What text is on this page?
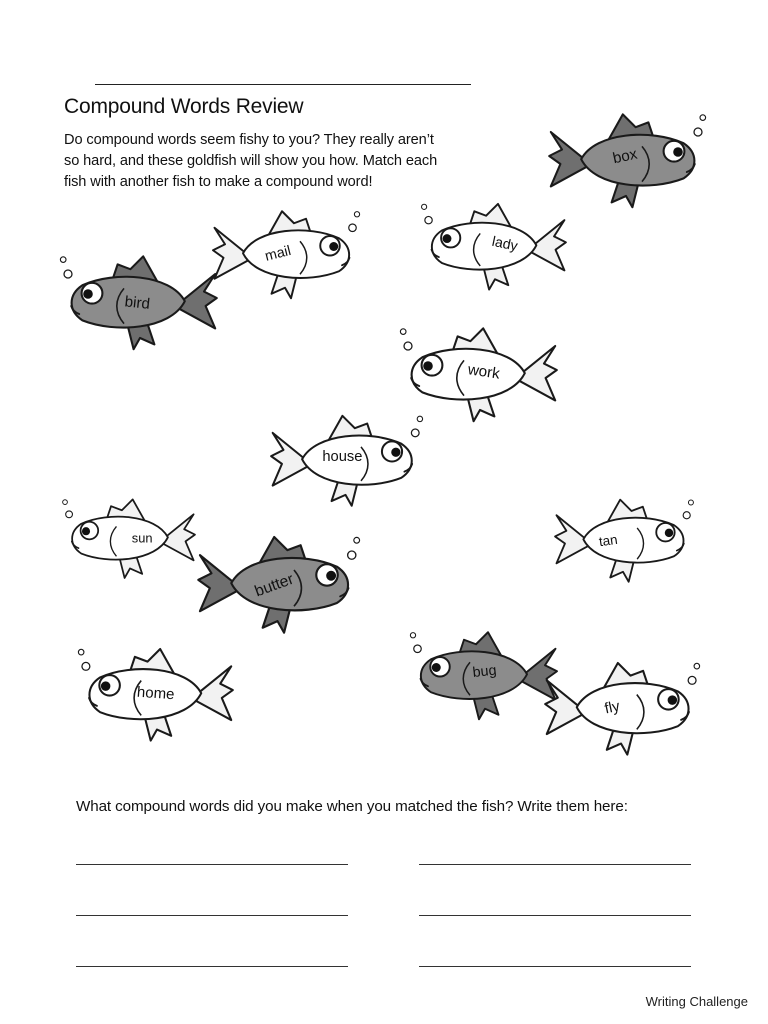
Compound Words Review
Do compound words seem fishy to you? They really aren’t
so hard, and these goldfish will show you how. Match each
fish with another fish to make a compound word!
box
mail	lady
bird
work
house
sun
butter
tan
home
bug
fly
What compound words did you make when you matched the fish? Write them here:
Writing Challenge
